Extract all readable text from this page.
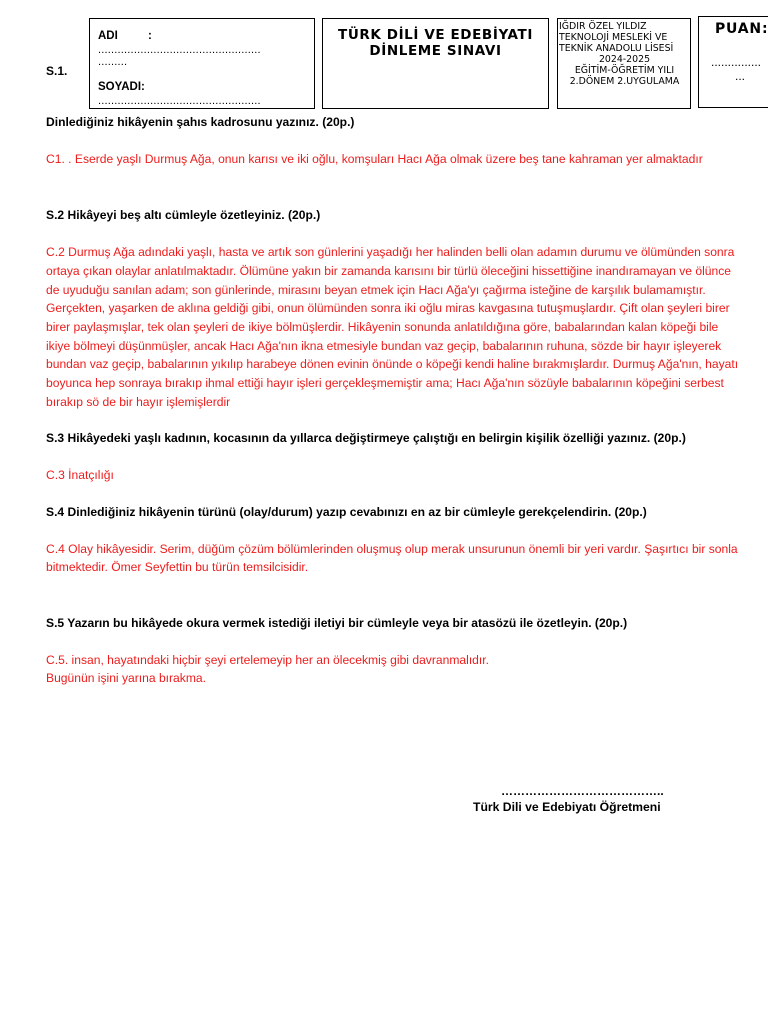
S.1.
ADI	:
..................................................
.........
SOYADI:
..................................................
TÜRK DİLİ VE EDEBİYATI
DİNLEME SINAVI
IĞDIR ÖZEL YILDIZ
TEKNOLOJİ MESLEKİ VE
TEKNİK ANADOLU LİSESİ
2024-2025
EĞİTİM-ÖĞRETİM YILI
2.DÖNEM 2.UYGULAMA
PUAN:
...............
...
Dinlediğiniz hikâyenin şahıs kadrosunu yazınız. (20p.)
C1. . Eserde yaşlı Durmuş Ağa, onun karısı ve iki oğlu, komşuları Hacı Ağa olmak üzere beş tane kahraman yer almaktadır
S.2 Hikâyeyi beş altı cümleyle özetleyiniz. (20p.)
C.2 Durmuş Ağa adındaki yaşlı, hasta ve artık son günlerini yaşadığı her halinden belli olan adamın durumu ve ölümünden sonra ortaya çıkan olaylar anlatılmaktadır. Ölümüne yakın bir zamanda karısını bir türlü öleceğini hissettiğine inandıramayan ve ölünce de uyuduğu sanılan adam; son günlerinde, mirasını beyan etmek için Hacı Ağa'yı çağırma isteğine de karşılık bulamamıştır. Gerçekten, yaşarken de aklına geldiği gibi, onun ölümünden sonra iki oğlu miras kavgasına tutuşmuşlardır. Çift olan şeyleri birer birer paylaşmışlar, tek olan şeyleri de ikiye bölmüşlerdir. Hikâyenin sonunda anlatıldığına göre, babalarından kalan köpeği bile ikiye bölmeyi düşünmüşler, ancak Hacı Ağa'nın ikna etmesiyle bundan vaz geçip, babalarının ruhuna, sözde bir hayır işleyerek bundan vaz geçip, babalarının yıkılıp harabeye dönen evinin önünde o köpeği kendi haline bırakmışlardır. Durmuş Ağa'nın, hayatı boyunca hep sonraya bırakıp ihmal ettiği hayır işleri gerçekleşmemiştir ama; Hacı Ağa'nın sözüyle babalarının köpeğini serbest bırakıp sö de bir hayır işlemişlerdir
S.3 Hikâyedeki yaşlı kadının, kocasının da yıllarca değiştirmeye çalıştığı en belirgin kişilik özelliği yazınız. (20p.)
C.3 İnatçılığı
S.4 Dinlediğiniz hikâyenin türünü (olay/durum) yazıp cevabınızı en az bir cümleyle gerekçelendirin. (20p.)
C.4 Olay hikâyesidir. Serim, düğüm çözüm bölümlerinden oluşmuş olup merak unsurunun önemli bir yeri vardır. Şaşırtıcı bir sonla bitmektedir. Ömer Seyfettin bu türün temsilcisidir.
S.5 Yazarın bu hikâyede okura vermek istediği iletiyi bir cümleyle veya bir atasözü ile özetleyin. (20p.)
C.5. insan, hayatındaki hiçbir şeyi ertelemeyip her an ölecekmiş gibi davranmalıdır.
Bugünün işini yarına bırakma.
…………………………………..
Türk Dili ve Edebiyatı Öğretmeni
